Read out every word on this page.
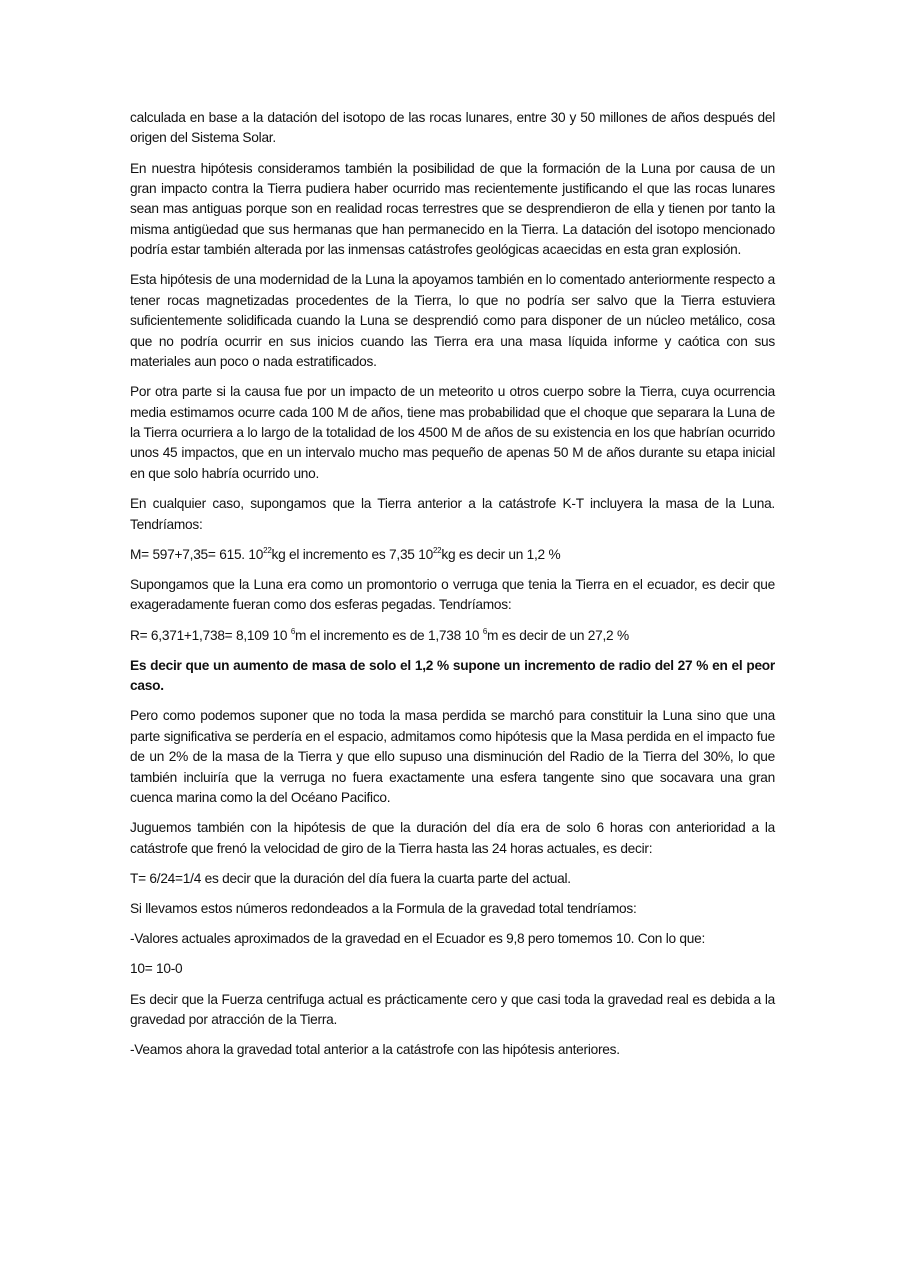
calculada en base a la datación del isotopo de las rocas lunares, entre 30 y 50 millones de años después del origen del Sistema Solar.

En nuestra hipótesis consideramos también la posibilidad de que la formación de la Luna por causa de un gran impacto contra la Tierra pudiera haber ocurrido mas recientemente justificando el que las rocas lunares sean mas antiguas porque son en realidad rocas terrestres que se desprendieron de ella y tienen por tanto la misma antigüedad que sus hermanas que han permanecido en la Tierra. La datación del isotopo mencionado podría estar también alterada por las inmensas catástrofes geológicas acaecidas en esta gran explosión.

Esta hipótesis de una modernidad de la Luna la apoyamos también en lo comentado anteriormente respecto a tener rocas magnetizadas procedentes de la Tierra, lo que no podría ser salvo que la Tierra estuviera suficientemente solidificada cuando la Luna se desprendió como para disponer de un núcleo metálico, cosa que no podría ocurrir en sus inicios cuando las Tierra era una masa líquida informe y caótica con sus materiales aun poco o nada estratificados.

Por otra parte si la causa fue por un impacto de un meteorito u otros cuerpo sobre la Tierra, cuya ocurrencia media estimamos ocurre cada 100 M de años, tiene mas probabilidad que el choque que separara la Luna de la Tierra ocurriera a lo largo de la totalidad de los 4500 M de años de su existencia en los que habrían ocurrido unos 45 impactos, que en un intervalo mucho mas pequeño de apenas 50 M de años durante su etapa inicial en que solo habría ocurrido uno.

En cualquier caso, supongamos que la Tierra anterior a la catástrofe K-T incluyera la masa de la Luna. Tendríamos:

M= 597+7,35= 615. $10^{22}kg$ el incremento es 7,35 $10^{22}kg$ es decir un 1,2 %

Supongamos que la Luna era como un promontorio o verruga que tenia la Tierra en el ecuador, es decir que exageradamente fueran como dos esferas pegadas. Tendríamos:

R= 6,371+1,738= 8,109 10 $^6$m el incremento es de 1,738 10 $^6$m es decir de un 27,2 %

Es decir que un aumento de masa de solo el 1,2 % supone un incremento de radio del 27 % en el peor caso.

Pero como podemos suponer que no toda la masa perdida se marchó para constituir la Luna sino que una parte significativa se perdería en el espacio, admitamos como hipótesis que la Masa perdida en el impacto fue de un 2% de la masa de la Tierra y que ello supuso una disminución del Radio de la Tierra del 30%, lo que también incluiría que la verruga no fuera exactamente una esfera tangente sino que socavara una gran cuenca marina como la del Océano Pacifico.

Juguemos también con la hipótesis de que la duración del día era de solo 6 horas con anterioridad a la catástrofe que frenó la velocidad de giro de la Tierra hasta las 24 horas actuales, es decir:

T= 6/24=1/4 es decir que la duración del día fuera la cuarta parte del actual.

Si llevamos estos números redondeados a la Formula de la gravedad total tendríamos:

-Valores actuales aproximados de la gravedad en el Ecuador es 9,8 pero tomemos 10. Con lo que:

10= 10-0

Es decir que la Fuerza centrifuga actual es prácticamente cero y que casi toda la gravedad real es debida a la gravedad por atracción de la Tierra.

-Veamos ahora la gravedad total anterior a la catástrofe con las hipótesis anteriores.
